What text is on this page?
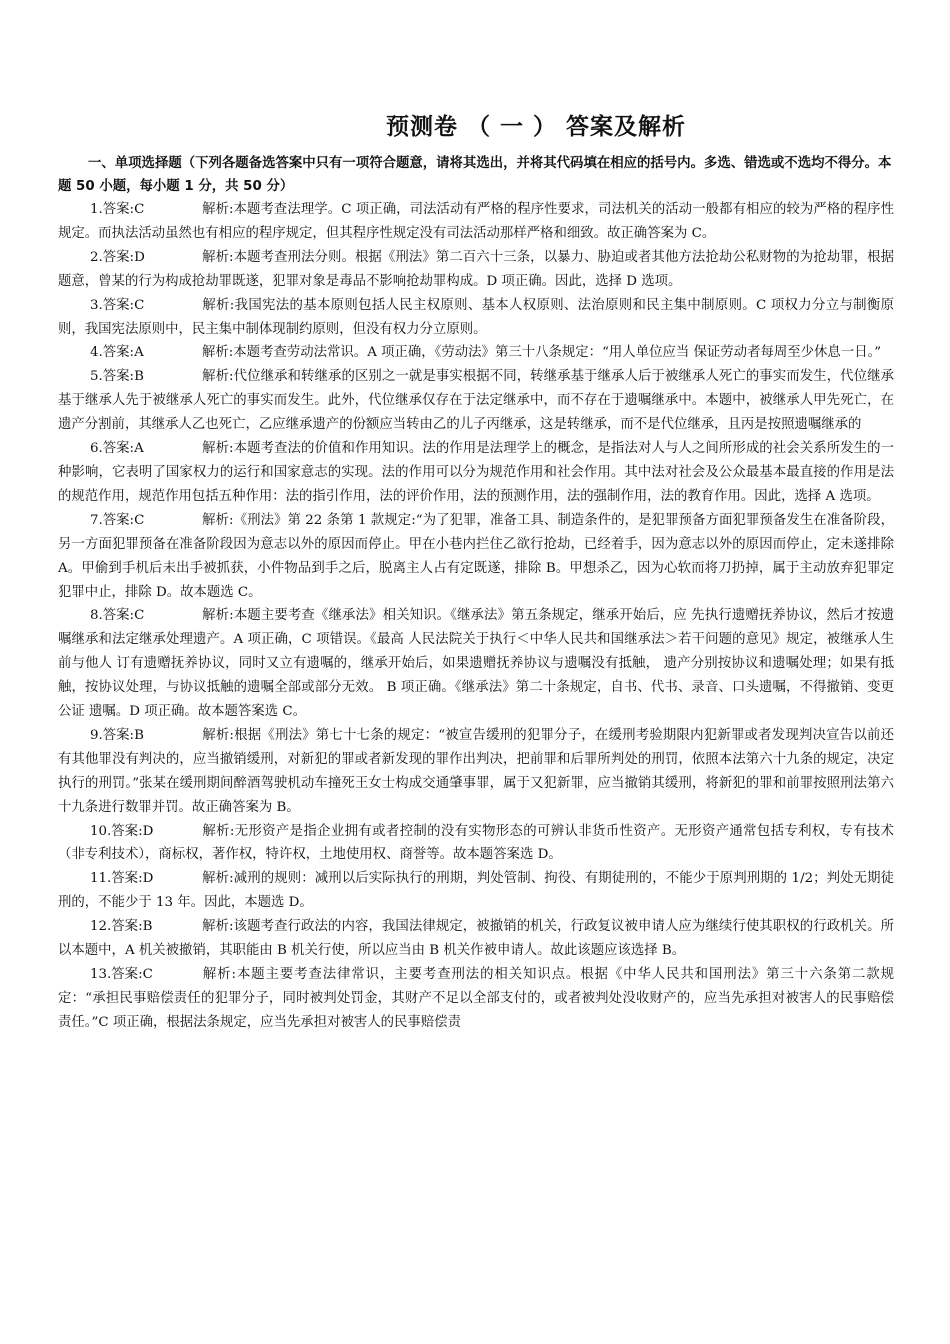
预测卷 （ 一 ） 答案及解析

一、单项选择题（下列各题备选答案中只有一项符合题意，请将其选出，并将其代码填在相应的括号内。多选、错选或不选均不得分。本题 50 小题，每小题 1 分，共 50 分）

1.答案:C	解析:本题考查法理学。C 项正确，司法活动有严格的程序性要求，司法机关的活动一般都有相应的较为严格的程序性规定。而执法活动虽然也有相应的程序规定，但其程序性规定没有司法活动那样严格和细致。故正确答案为 C。

2.答案:D	解析:本题考查刑法分则。根据《刑法》第二百六十三条，以暴力、胁迫或者其他方法抢劫公私财物的为抢劫罪，根据题意，曾某的行为构成抢劫罪既遂，犯罪对象是毒品不影响抢劫罪构成。D 项正确。因此，选择 D 选项。

3.答案:C	解析:我国宪法的基本原则包括人民主权原则、基本人权原则、法治原则和民主集中制原则。C 项权力分立与制衡原则，我国宪法原则中，民主集中制体现制约原则，但没有权力分立原则。

4.答案:A	解析:本题考查劳动法常识。A 项正确，《劳动法》第三十八条规定：“用人单位应当 保证劳动者每周至少休息一日。”

5.答案:B	解析:代位继承和转继承的区别之一就是事实根据不同，转继承基于继承人后于被继承人死亡的事实而发生，代位继承基于继承人先于被继承人死亡的事实而发生。此外，代位继承仅存在于法定继承中，而不存在于遗嘱继承中。本题中，被继承人甲先死亡，在遗产分割前，其继承人乙也死亡，乙应继承遗产的份额应当转由乙的儿子丙继承，这是转继承，而不是代位继承，且丙是按照遗嘱继承的

6.答案:A	解析:本题考查法的价值和作用知识。法的作用是法理学上的概念，是指法对人与人之间所形成的社会关系所发生的一种影响，它表明了国家权力的运行和国家意志的实现。法的作用可以分为规范作用和社会作用。其中法对社会及公众最基本最直接的作用是法的规范作用，规范作用包括五种作用：法的指引作用，法的评价作用，法的预测作用，法的强制作用，法的教育作用。因此，选择 A 选项。

7.答案:C	解析:《刑法》第 22 条第 1 款规定:“为了犯罪，准备工具、制造条件的，是犯罪预备方面犯罪预备发生在准备阶段，另一方面犯罪预备在准备阶段因为意志以外的原因而停止。甲在小巷内拦住乙欲行抢劫，已经着手，因为意志以外的原因而停止，定未遂排除 A。甲偷到手机后未出手被抓获，小件物品到手之后，脱离主人占有定既遂，排除 B。甲想杀乙，因为心软而将刀扔掉，属于主动放弃犯罪定犯罪中止，排除 D。故本题选 C。

8.答案:C	解析:本题主要考查《继承法》相关知识。《继承法》第五条规定，继承开始后，应 先执行遗赠抚养协议，然后才按遗嘱继承和法定继承处理遗产。A 项正确，C 项错误。《最高 人民法院关于执行＜中华人民共和国继承法＞若干问题的意见》规定，被继承人生前与他人 订有遗赠抚养协议，同时又立有遗嘱的，继承开始后，如果遗赠抚养协议与遗嘱没有抵触， 遗产分别按协议和遗嘱处理；如果有抵触，按协议处理，与协议抵触的遗嘱全部或部分无效。 B 项正确。《继承法》第二十条规定，自书、代书、录音、口头遗嘱，不得撤销、变更公证 遗嘱。D 项正确。故本题答案选 C。

9.答案:B	解析:根据《刑法》第七十七条的规定：“被宣告缓刑的犯罪分子，在缓刑考验期限内犯新罪或者发现判决宣告以前还有其他罪没有判决的，应当撤销缓刑，对新犯的罪或者新发现的罪作出判决，把前罪和后罪所判处的刑罚，依照本法第六十九条的规定，决定执行的刑罚。”张某在缓刑期间醉酒驾驶机动车撞死王女士构成交通肇事罪，属于又犯新罪，应当撤销其缓刑，将新犯的罪和前罪按照刑法第六十九条进行数罪并罚。故正确答案为 B。

10.答案:D	解析:无形资产是指企业拥有或者控制的没有实物形态的可辨认非货币性资产。无形资产通常包括专利权，专有技术（非专利技术），商标权，著作权，特许权，土地使用权、商誉等。故本题答案选 D。

11.答案:D	解析:减刑的规则：减刑以后实际执行的刑期，判处管制、拘役、有期徒刑的，不能少于原判刑期的 1/2；判处无期徒刑的，不能少于 13 年。因此，本题选 D。

12.答案:B	解析:该题考查行政法的内容，我国法律规定，被撤销的机关，行政复议被申请人应为继续行使其职权的行政机关。所以本题中，A 机关被撤销，其职能由 B 机关行使，所以应当由 B 机关作被申请人。故此该题应该选择 B。

13.答案:C	解析:本题主要考查法律常识，主要考查刑法的相关知识点。根据《中华人民共和国刑法》第三十六条第二款规定：“承担民事赔偿责任的犯罪分子，同时被判处罚金，其财产不足以全部支付的，或者被判处没收财产的，应当先承担对被害人的民事赔偿责任。”C 项正确，根据法条规定，应当先承担对被害人的民事赔偿责
